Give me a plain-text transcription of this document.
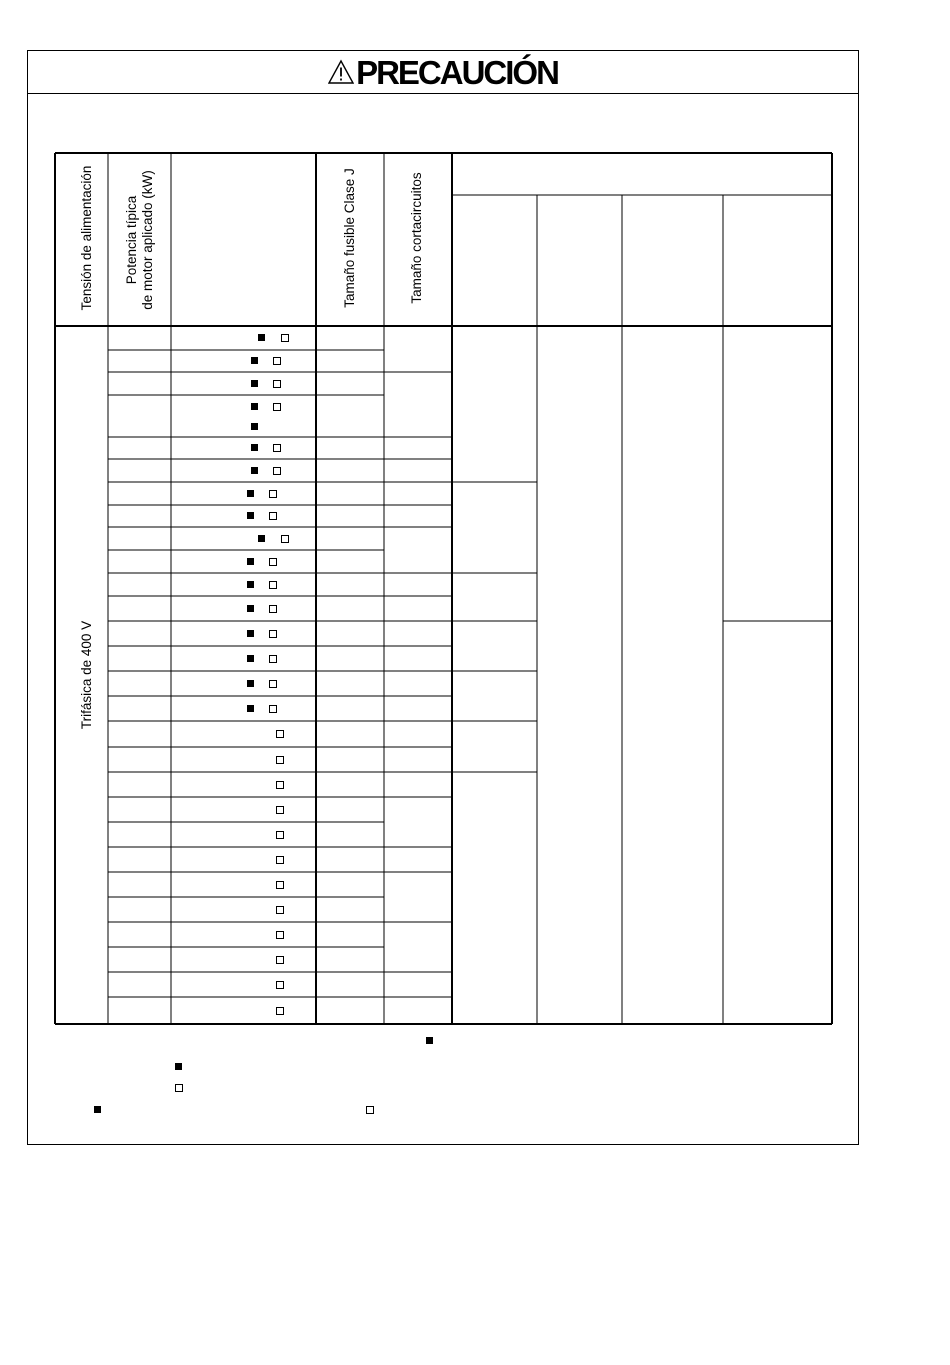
PRECAUCIÓN
Tensión de alimentación Potencia típica de motor aplicado (kW)	Tamaño fusible Clase J	Tamaño cortacircuitos
Trifásica de 400 V
